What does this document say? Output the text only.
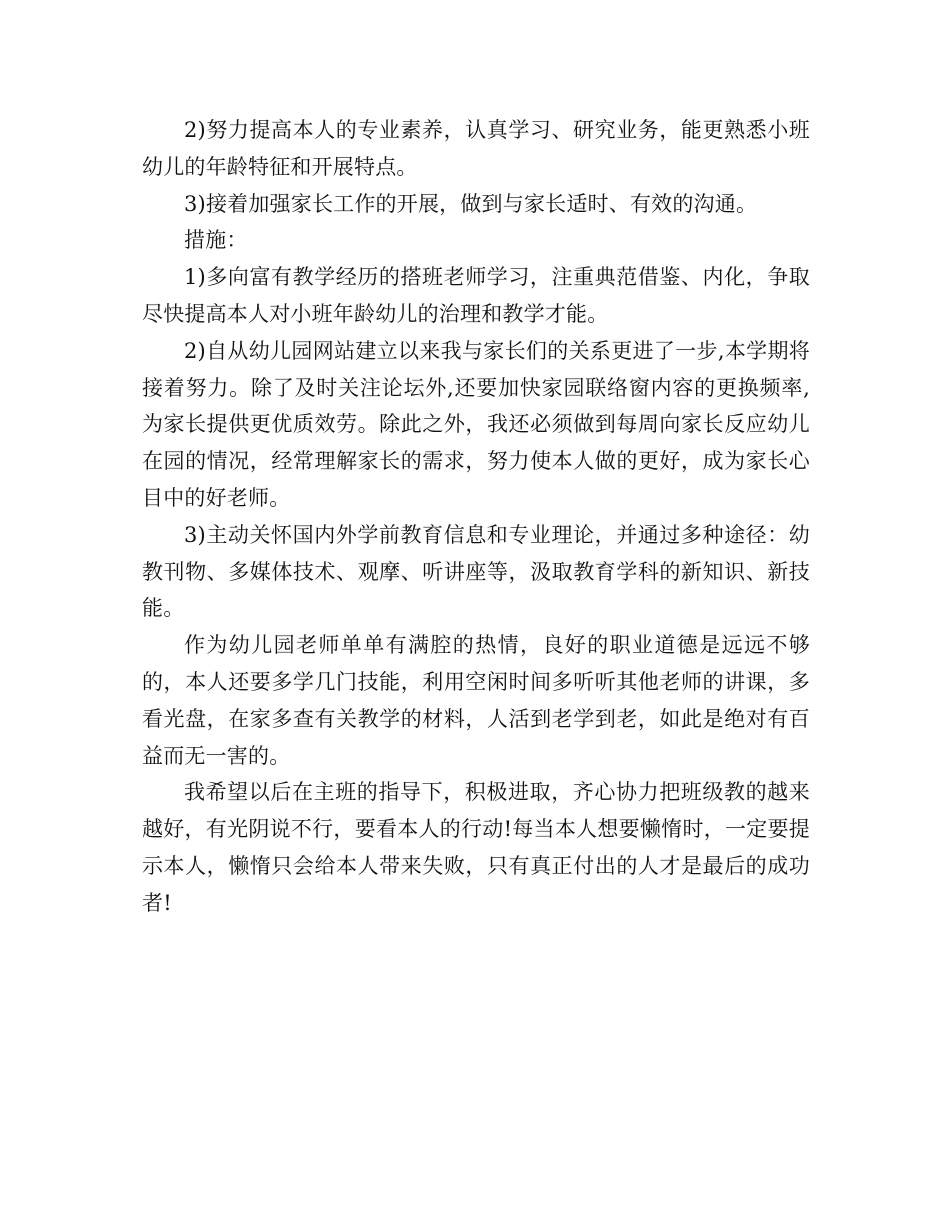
2)努力提高本人的专业素养，认真学习、研究业务，能更熟悉小班幼儿的年龄特征和开展特点。

3)接着加强家长工作的开展，做到与家长适时、有效的沟通。

措施：

1)多向富有教学经历的搭班老师学习，注重典范借鉴、内化，争取尽快提高本人对小班年龄幼儿的治理和教学才能。

2)自从幼儿园网站建立以来我与家长们的关系更进了一步,本学期将接着努力。除了及时关注论坛外,还要加快家园联络窗内容的更换频率,为家长提供更优质效劳。除此之外，我还必须做到每周向家长反应幼儿在园的情况，经常理解家长的需求，努力使本人做的更好，成为家长心目中的好老师。

3)主动关怀国内外学前教育信息和专业理论，并通过多种途径：幼教刊物、多媒体技术、观摩、听讲座等，汲取教育学科的新知识、新技能。

作为幼儿园老师单单有满腔的热情，良好的职业道德是远远不够的，本人还要多学几门技能，利用空闲时间多听听其他老师的讲课，多看光盘，在家多查有关教学的材料，人活到老学到老，如此是绝对有百益而无一害的。

我希望以后在主班的指导下，积极进取，齐心协力把班级教的越来越好，有光阴说不行，要看本人的行动!每当本人想要懒惰时，一定要提示本人，懒惰只会给本人带来失败，只有真正付出的人才是最后的成功者!
